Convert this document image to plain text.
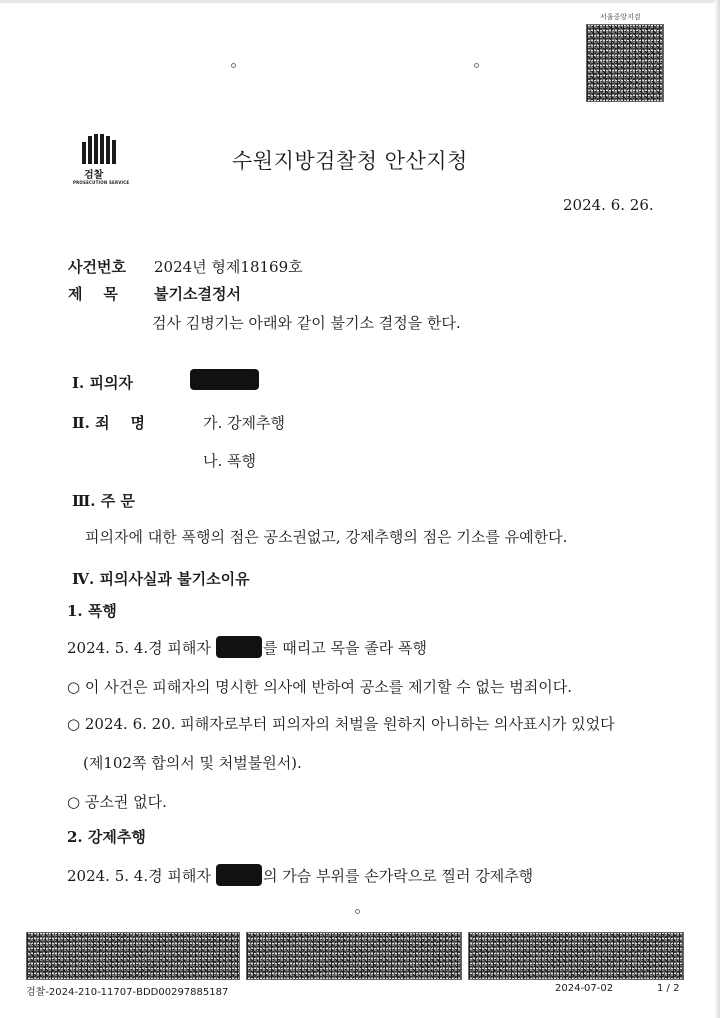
서울중앙지검
검찰
PROSECUTION SERVICE
수원지방검찰청 안산지청
2024. 6. 26.
사건번호 2024년 형제18169호
제    목 불기소결정서
검사 김병기는 아래와 같이 불기소 결정을 한다.
Ⅰ. 피의자
Ⅱ. 죄    명	가. 강제추행
나. 폭행
Ⅲ. 주 문
피의자에 대한 폭행의 점은 공소권없고, 강제추행의 점은 기소를 유예한다.
Ⅳ. 피의사실과 불기소이유
1. 폭행
2024. 5. 4.경 피해자	를 때리고 목을 졸라 폭행
○ 이 사건은 피해자의 명시한 의사에 반하여 공소를 제기할 수 없는 범죄이다.
○ 2024. 6. 20. 피해자로부터 피의자의 처벌을 원하지 아니하는 의사표시가 있었다
(제102쪽 합의서 및 처벌불원서).
○ 공소권 없다.
2. 강제추행
2024. 5. 4.경 피해자	의 가슴 부위를 손가락으로 찔러 강제추행
검찰-2024-210-11707-BDD00297885187	2024-07-02	1 / 2
